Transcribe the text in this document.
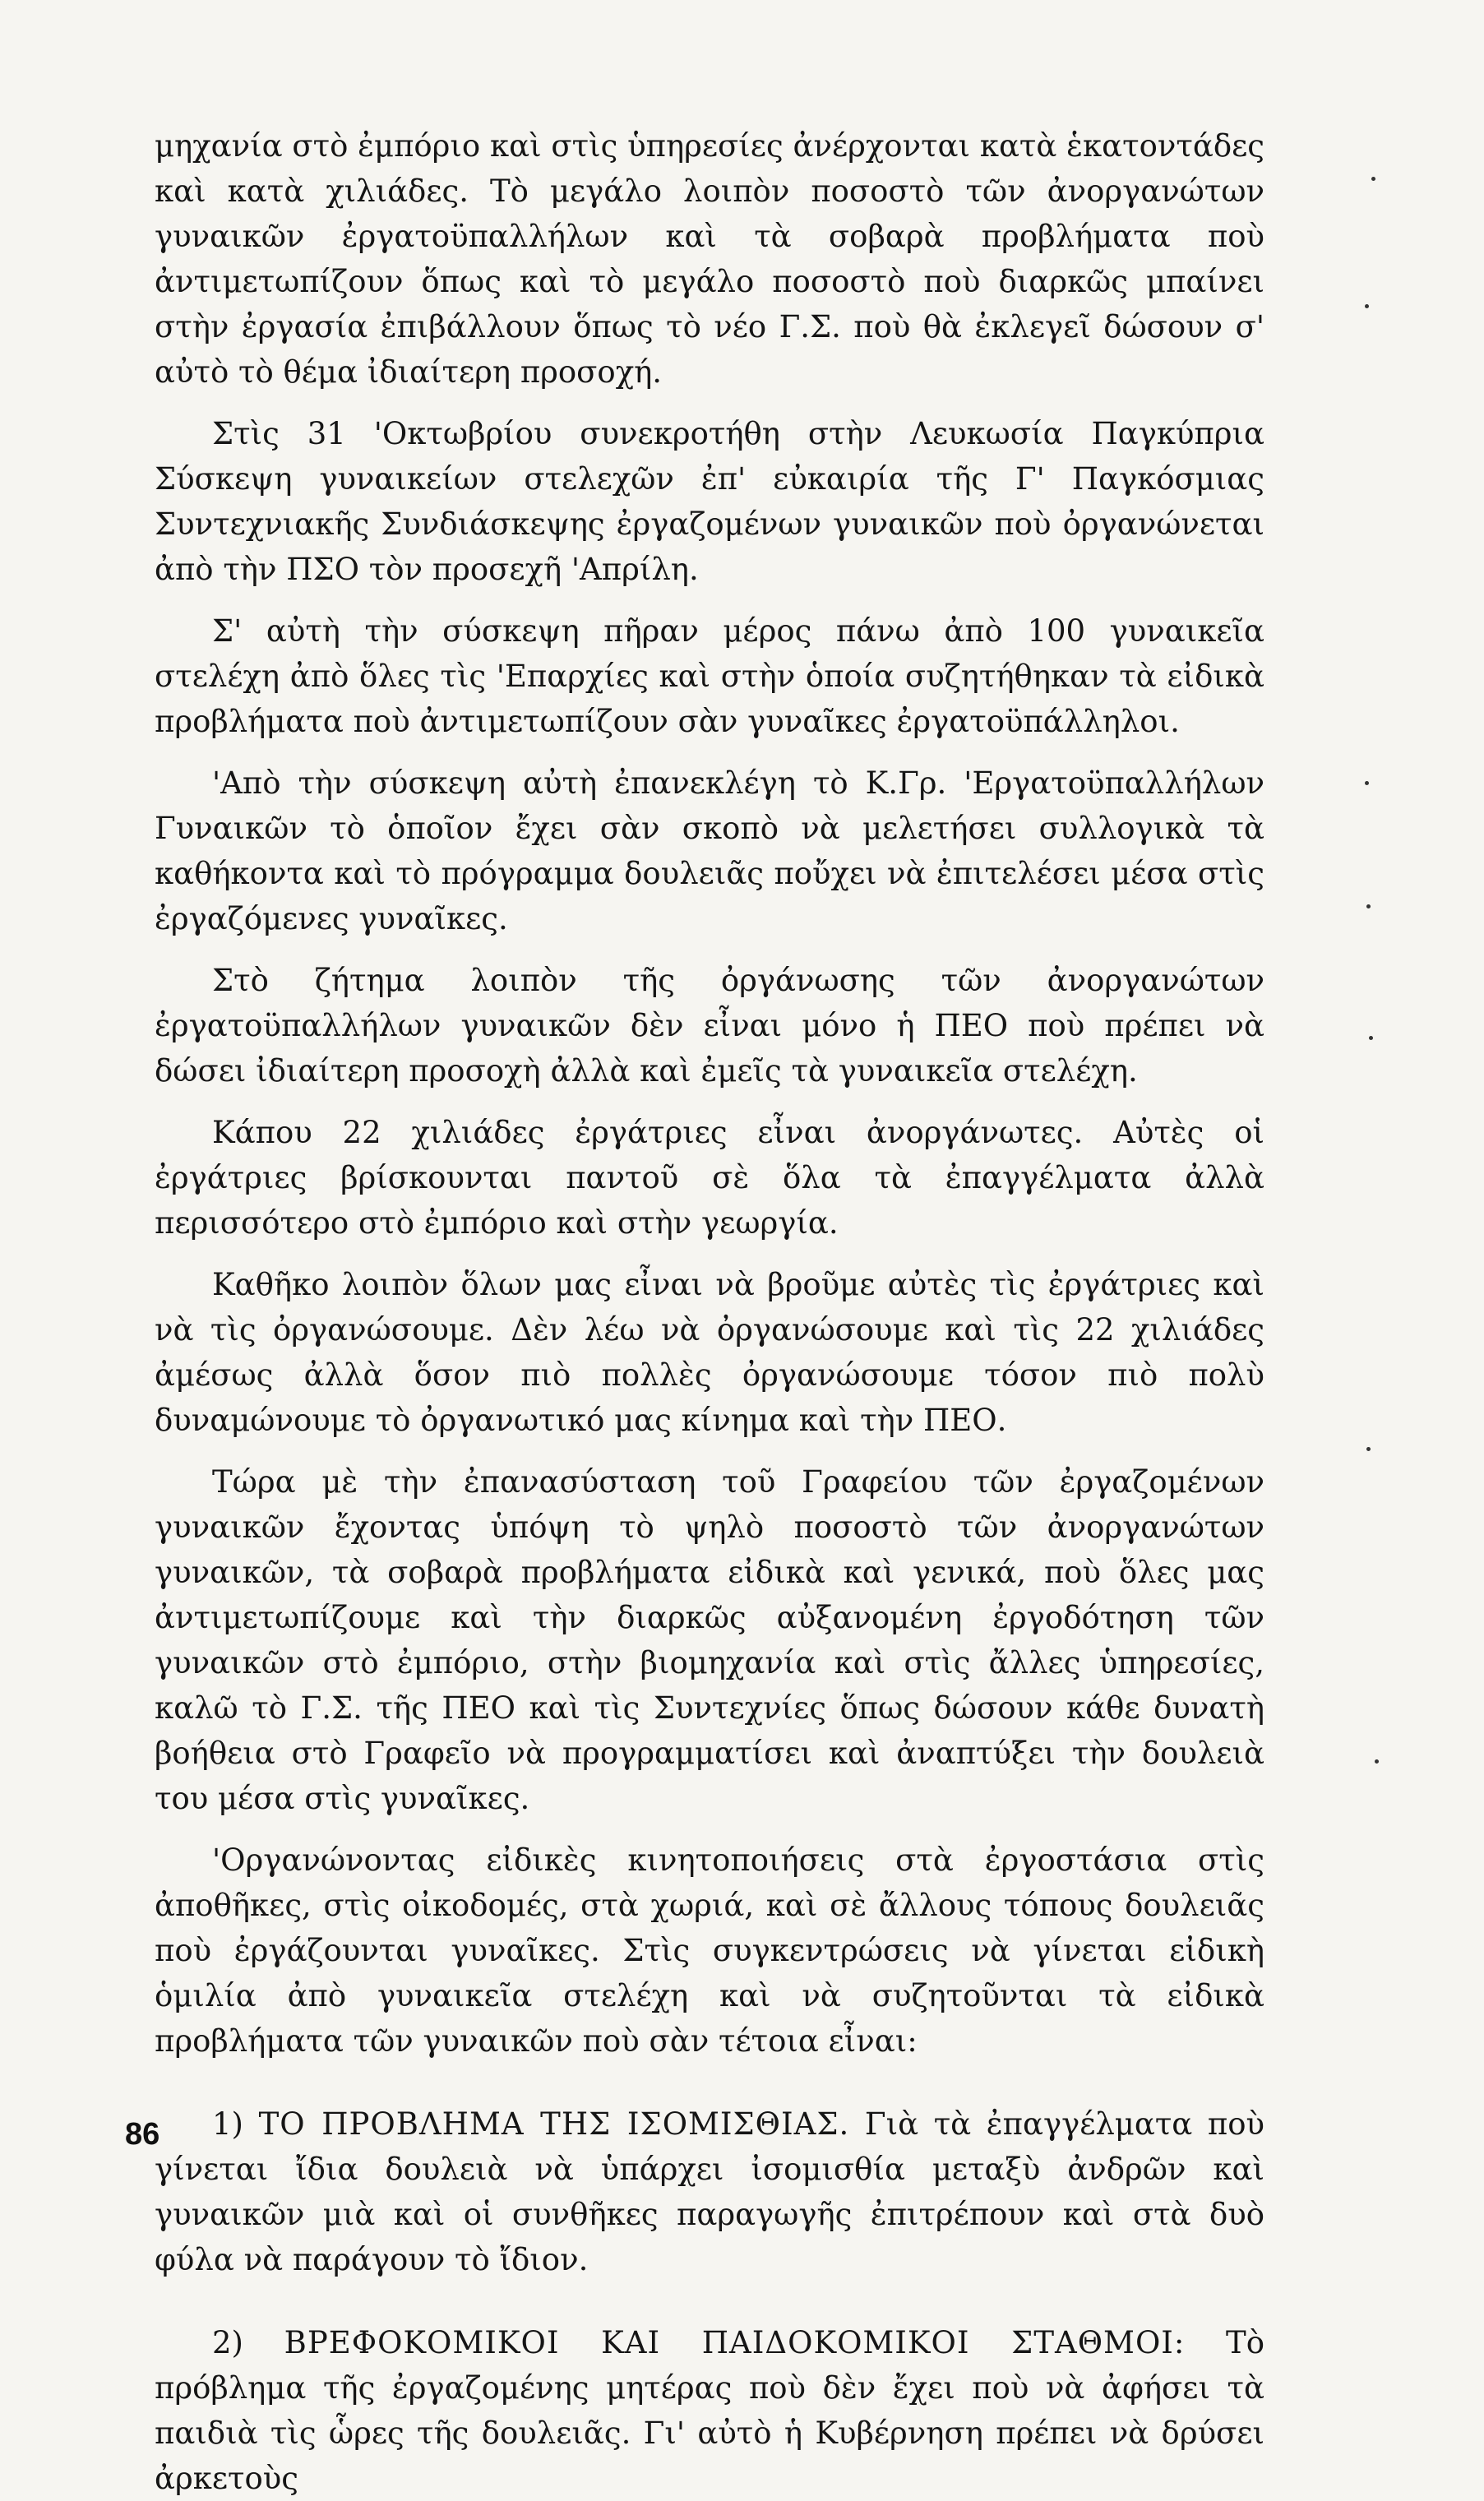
μηχανία στὸ ἐμπόριο καὶ στὶς ὑπηρεσίες ἀνέρχονται κατὰ ἑκατοντάδες καὶ κατὰ χιλιάδες. Τὸ μεγάλο λοιπὸν ποσοστὸ τῶν ἀνοργανώτων γυναικῶν ἐργατοϋπαλλήλων καὶ τὰ σοβαρὰ προβλήματα ποὺ ἀντιμετωπίζουν ὅπως καὶ τὸ μεγάλο ποσοστὸ ποὺ διαρκῶς μπαίνει στὴν ἐργασία ἐπιβάλλουν ὅπως τὸ νέο Γ.Σ. ποὺ θὰ ἐκλεγεῖ δώσουν σ' αὐτὸ τὸ θέμα ἰδιαίτερη προσοχή.

Στὶς 31 'Οκτωβρίου συνεκροτήθη στὴν Λευκωσία Παγκύπρια Σύσκεψη γυναικείων στελεχῶν ἐπ' εὐκαιρία τῆς Γ' Παγκόσμιας Συντεχνιακῆς Συνδιάσκεψης ἐργαζομένων γυναικῶν ποὺ ὀργανώνεται ἀπὸ τὴν ΠΣΟ τὸν προσεχῆ 'Απρίλη.

Σ' αὐτὴ τὴν σύσκεψη πῆραν μέρος πάνω ἀπὸ 100 γυναικεῖα στελέχη ἀπὸ ὅλες τὶς 'Επαρχίες καὶ στὴν ὁποία συζητήθηκαν τὰ εἰδικὰ προβλήματα ποὺ ἀντιμετωπίζουν σὰν γυναῖκες ἐργατοϋπάλληλοι.

'Απὸ τὴν σύσκεψη αὐτὴ ἐπανεκλέγη τὸ Κ.Γρ. 'Εργατοϋπαλλήλων Γυναικῶν τὸ ὁποῖον ἔχει σὰν σκοπὸ νὰ μελετήσει συλλογικὰ τὰ καθήκοντα καὶ τὸ πρόγραμμα δουλειᾶς ποὔχει νὰ ἐπιτελέσει μέσα στὶς ἐργαζόμενες γυναῖκες.

Στὸ ζήτημα λοιπὸν τῆς ὀργάνωσης τῶν ἀνοργανώτων ἐργατοϋπαλλήλων γυναικῶν δὲν εἶναι μόνο ἡ ΠΕΟ ποὺ πρέπει νὰ δώσει ἰδιαίτερη προσοχὴ ἀλλὰ καὶ ἐμεῖς τὰ γυναικεῖα στελέχη.

Κάπου 22 χιλιάδες ἐργάτριες εἶναι ἀνοργάνωτες. Αὐτὲς οἱ ἐργάτριες βρίσκουνται παντοῦ σὲ ὅλα τὰ ἐπαγγέλματα ἀλλὰ περισσότερο στὸ ἐμπόριο καὶ στὴν γεωργία.

Καθῆκο λοιπὸν ὅλων μας εἶναι νὰ βροῦμε αὐτὲς τὶς ἐργάτριες καὶ νὰ τὶς ὀργανώσουμε. Δὲν λέω νὰ ὀργανώσουμε καὶ τὶς 22 χιλιάδες ἀμέσως ἀλλὰ ὅσον πιὸ πολλὲς ὀργανώσουμε τόσον πιὸ πολὺ δυναμώνουμε τὸ ὀργανωτικό μας κίνημα καὶ τὴν ΠΕΟ.

Τώρα μὲ τὴν ἐπανασύσταση τοῦ Γραφείου τῶν ἐργαζομένων γυναικῶν ἔχοντας ὑπόψη τὸ ψηλὸ ποσοστὸ τῶν ἀνοργανώτων γυναικῶν, τὰ σοβαρὰ προβλήματα εἰδικὰ καὶ γενικά, ποὺ ὅλες μας ἀντιμετωπίζουμε καὶ τὴν διαρκῶς αὐξανομένη ἐργοδότηση τῶν γυναικῶν στὸ ἐμπόριο, στὴν βιομηχανία καὶ στὶς ἄλλες ὑπηρεσίες, καλῶ τὸ Γ.Σ. τῆς ΠΕΟ καὶ τὶς Συντεχνίες ὅπως δώσουν κάθε δυνατὴ βοήθεια στὸ Γραφεῖο νὰ προγραμματίσει καὶ ἀναπτύξει τὴν δουλειὰ του μέσα στὶς γυναῖκες.

'Οργανώνοντας εἰδικὲς κινητοποιήσεις στὰ ἐργοστάσια στὶς ἀποθῆκες, στὶς οἰκοδομές, στὰ χωριά, καὶ σὲ ἄλλους τόπους δουλειᾶς ποὺ ἐργάζουνται γυναῖκες. Στὶς συγκεντρώσεις νὰ γίνεται εἰδικὴ ὁμιλία ἀπὸ γυναικεῖα στελέχη καὶ νὰ συζητοῦνται τὰ εἰδικὰ προβλήματα τῶν γυναικῶν ποὺ σὰν τέτοια εἶναι:

1) ΤΟ ΠΡΟΒΛΗΜΑ ΤΗΣ ΙΣΟΜΙΣΘΙΑΣ. Γιὰ τὰ ἐπαγγέλματα ποὺ γίνεται ἴδια δουλειὰ νὰ ὑπάρχει ἰσομισθία μεταξὺ ἀνδρῶν καὶ γυναικῶν μιὰ καὶ οἱ συνθῆκες παραγωγῆς ἐπιτρέπουν καὶ στὰ δυὸ φύλα νὰ παράγουν τὸ ἴδιον.

2) ΒΡΕΦΟΚΟΜΙΚΟΙ ΚΑΙ ΠΑΙΔΟΚΟΜΙΚΟΙ ΣΤΑΘΜΟΙ: Τὸ πρόβλημα τῆς ἐργαζομένης μητέρας ποὺ δὲν ἔχει ποὺ νὰ ἀφήσει τὰ παιδιὰ τὶς ὧρες τῆς δουλειᾶς. Γι' αὐτὸ ἡ Κυβέρνηση πρέπει νὰ δρύσει ἀρκετοὺς

86
